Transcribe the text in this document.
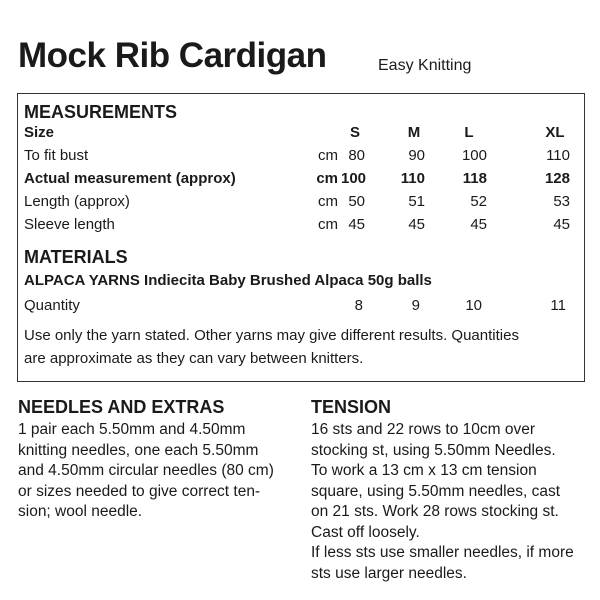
Mock Rib Cardigan	Easy Knitting
MEASUREMENTS
Size	S	M	L	XL
To fit bust	cm 80	90	100	110
Actual measurement (approx)	cm 100	110	118	128
Length (approx)	cm 50	51	52	53
Sleeve length	cm 45	45	45	45
MATERIALS
ALPACA YARNS Indiecita Baby Brushed Alpaca 50g balls
Quantity	8	9	10	11
Use only the yarn stated. Other yarns may give different results. Quantities
are approximate as they can vary between knitters.
NEEDLES AND EXTRAS
1 pair each 5.50mm and 4.50mm
knitting needles, one each 5.50mm
and 4.50mm circular needles (80 cm)
or sizes needed to give correct ten-
sion; wool needle.
TENSION
16 sts and 22 rows to 10cm over
stocking st, using 5.50mm Needles.
To work a 13 cm x 13 cm tension
square, using 5.50mm needles, cast
on 21 sts. Work 28 rows stocking st.
Cast off loosely.
If less sts use smaller needles, if more
sts use larger needles.
